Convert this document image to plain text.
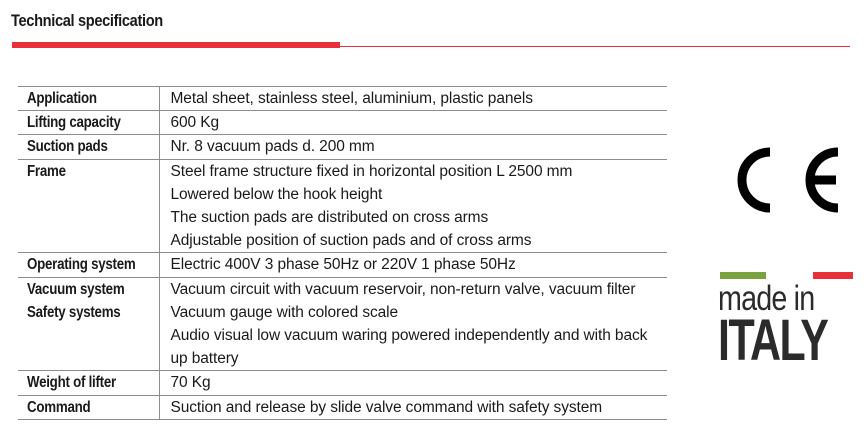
Technical specification
Application	Metal sheet, stainless steel, aluminium, plastic panels

Lifting capacity	600 Kg

Suction pads	Nr. 8 vacuum pads d. 200 mm

Frame	Steel frame structure fixed in horizontal position L 2500 mm
Lowered below the hook height
The suction pads are distributed on cross arms
Adjustable position of suction pads and of cross arms

Operating system	Electric 400V 3 phase 50Hz or 220V 1 phase 50Hz

Vacuum system
Safety systems	Vacuum circuit with vacuum reservoir, non-return valve, vacuum filter
Vacuum gauge with colored scale
Audio visual low vacuum waring powered independently and with back
up battery

Weight of lifter	70 Kg

Command	Suction and release by slide valve command with safety system
made in
ITALY
